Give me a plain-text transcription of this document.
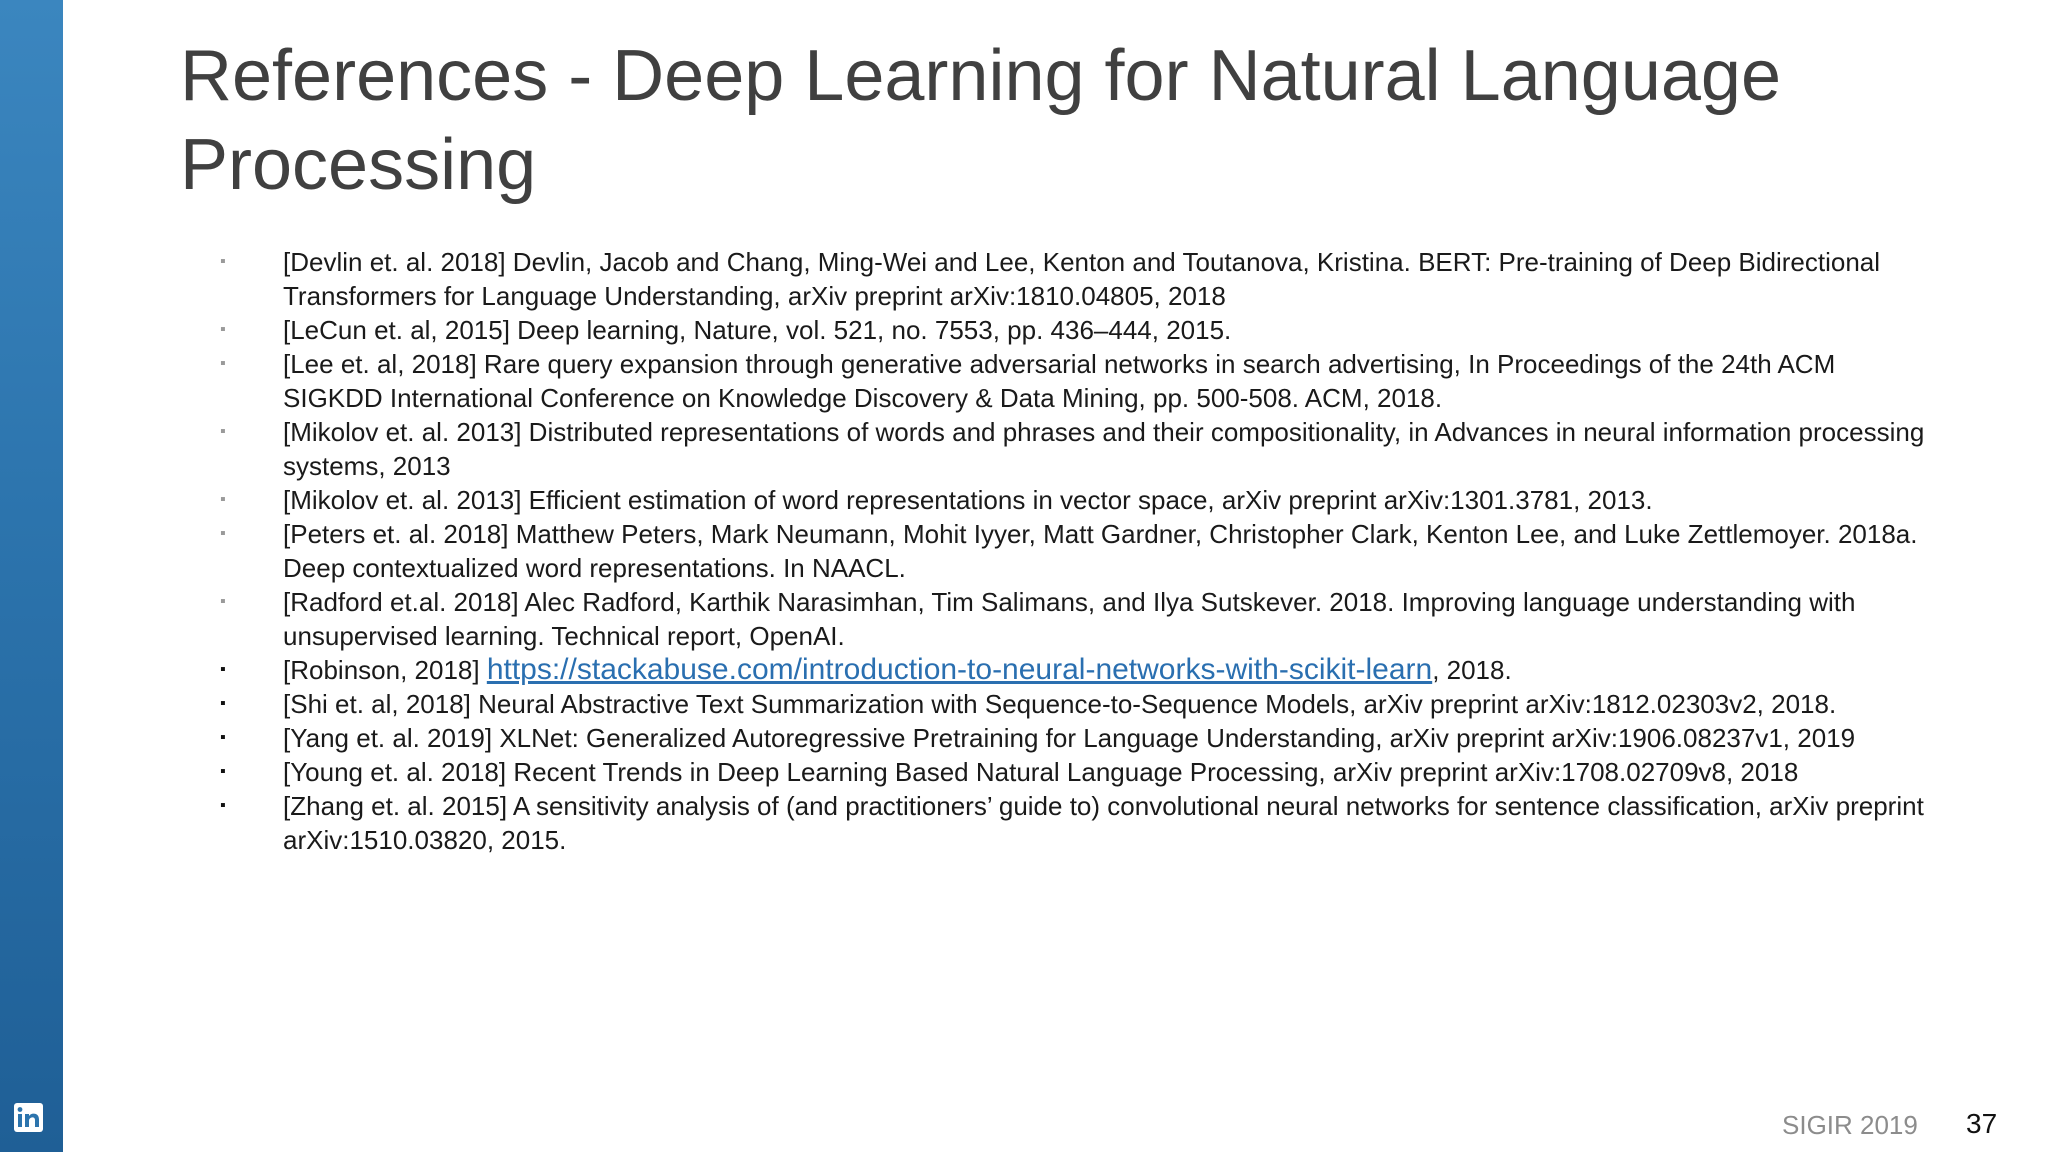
References - Deep Learning for Natural Language Processing
▪ [Devlin et. al. 2018] Devlin, Jacob and Chang, Ming-Wei and Lee, Kenton and Toutanova, Kristina. BERT: Pre-training of Deep Bidirectional Transformers for Language Understanding, arXiv preprint arXiv:1810.04805, 2018
▪ [LeCun et. al, 2015] Deep learning, Nature, vol. 521, no. 7553, pp. 436–444, 2015.
▪ [Lee et. al, 2018] Rare query expansion through generative adversarial networks in search advertising, In Proceedings of the 24th ACM SIGKDD International Conference on Knowledge Discovery & Data Mining, pp. 500-508. ACM, 2018.
▪ [Mikolov et. al. 2013] Distributed representations of words and phrases and their compositionality, in Advances in neural information processing systems, 2013
▪ [Mikolov et. al. 2013] Efficient estimation of word representations in vector space, arXiv preprint arXiv:1301.3781, 2013.
▪ [Peters et. al. 2018] Matthew Peters, Mark Neumann, Mohit Iyyer, Matt Gardner, Christopher Clark, Kenton Lee, and Luke Zettlemoyer. 2018a. Deep contextualized word representations. In NAACL.
▪ [Radford et.al. 2018] Alec Radford, Karthik Narasimhan, Tim Salimans, and Ilya Sutskever. 2018. Improving language understanding with unsupervised learning. Technical report, OpenAI.
▪ [Robinson, 2018] https://stackabuse.com/introduction-to-neural-networks-with-scikit-learn, 2018.
▪ [Shi et. al, 2018] Neural Abstractive Text Summarization with Sequence-to-Sequence Models, arXiv preprint arXiv:1812.02303v2, 2018.
▪ [Yang et. al. 2019] XLNet: Generalized Autoregressive Pretraining for Language Understanding, arXiv preprint arXiv:1906.08237v1, 2019
▪ [Young et. al. 2018] Recent Trends in Deep Learning Based Natural Language Processing, arXiv preprint arXiv:1708.02709v8, 2018
▪ [Zhang et. al. 2015] A sensitivity analysis of (and practitioners’ guide to) convolutional neural networks for sentence classification, arXiv preprint arXiv:1510.03820, 2015.
SIGIR 2019 37
